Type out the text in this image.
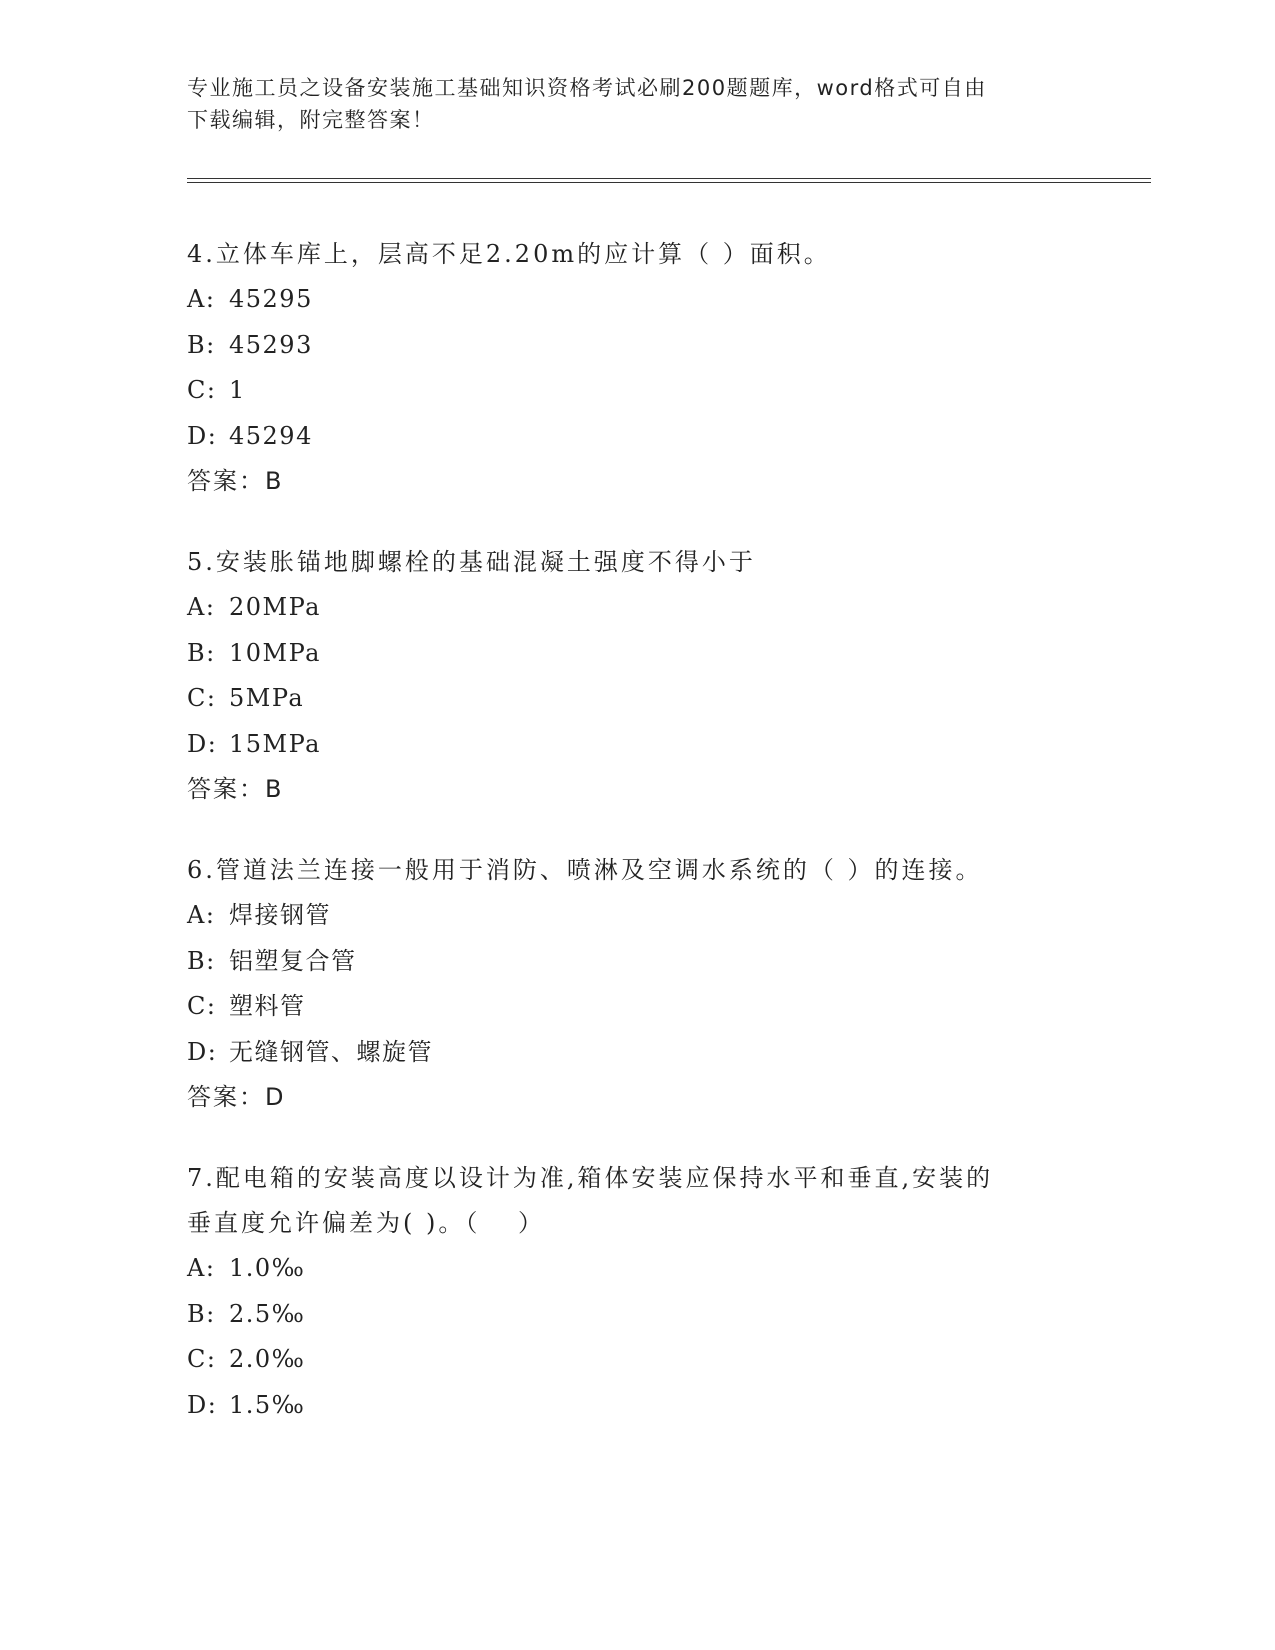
专业施工员之设备安装施工基础知识资格考试必刷200题题库，word格式可自由
下载编辑，附完整答案！
4.立体车库上，层高不足2.20m的应计算（ ）面积。
A: 45295
B: 45293
C: 1
D: 45294
答案：B
5.安装胀锚地脚螺栓的基础混凝土强度不得小于
A: 20MPa
B: 10MPa
C: 5MPa
D: 15MPa
答案：B
6.管道法兰连接一般用于消防、喷淋及空调水系统的（ ）的连接。
A: 焊接钢管
B: 铝塑复合管
C: 塑料管
D: 无缝钢管、螺旋管
答案：D
7.配电箱的安装高度以设计为准,箱体安装应保持水平和垂直,安装的
垂直度允许偏差为( )。（　 ）
A: 1.0‰
B: 2.5‰
C: 2.0‰
D: 1.5‰
